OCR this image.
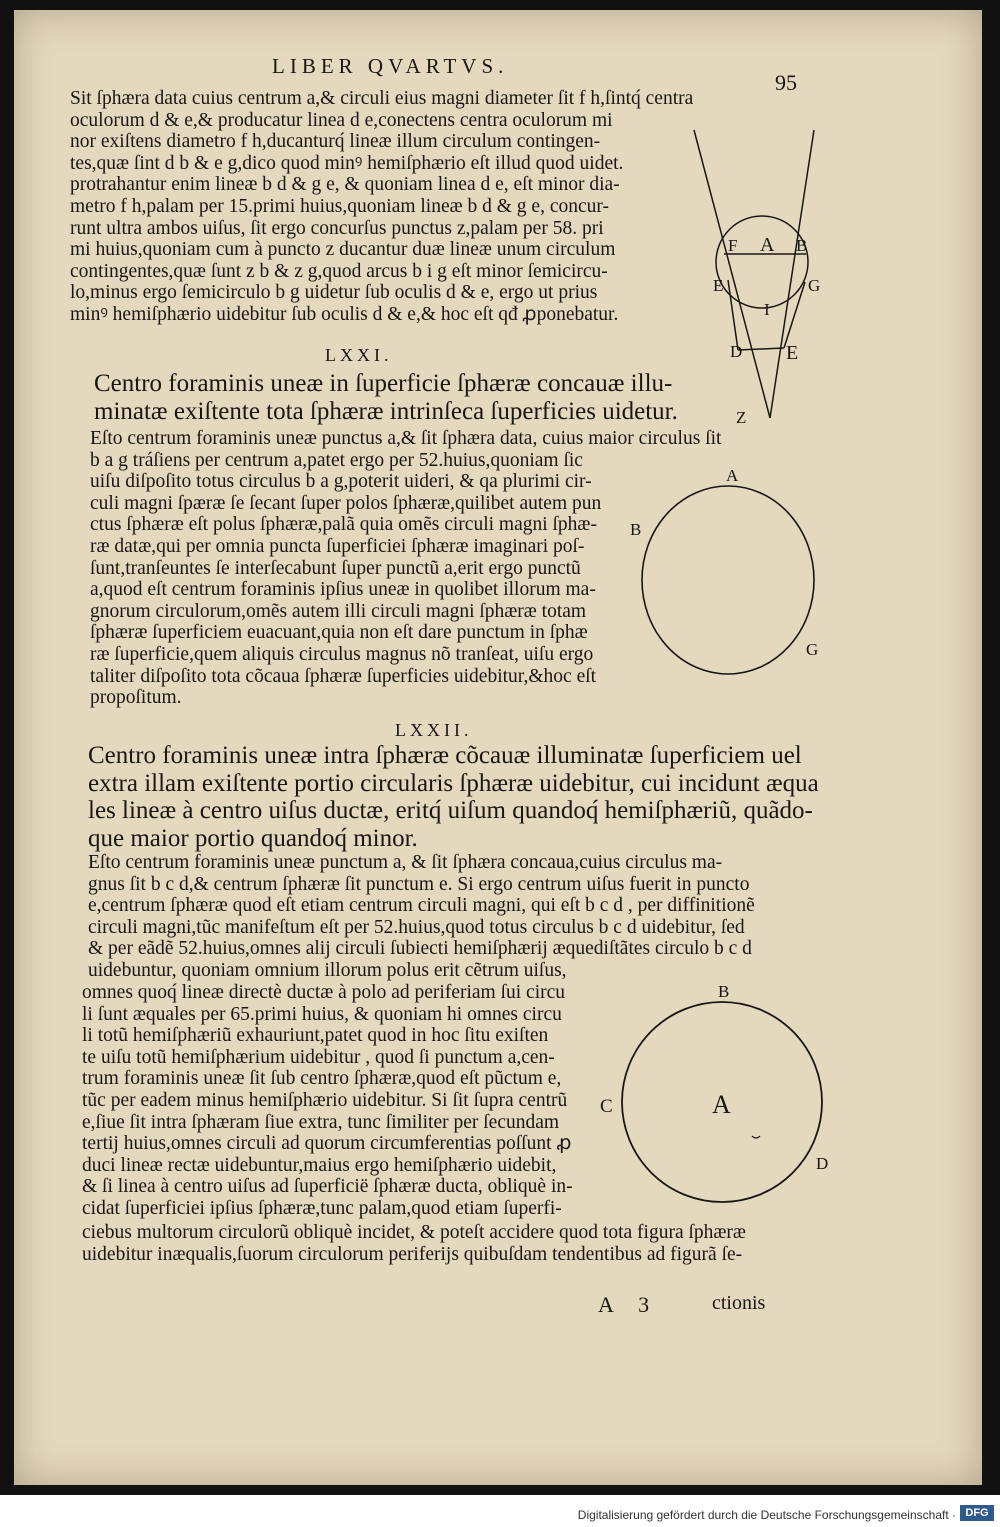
LIBER QVARTVS.
95
Sit ſphæra data cuius centrum a,& circuli eius magni diameter ſit f h,ſintq́ centra
oculorum d & e,& producatur linea d e,conectens centra oculorum mi
nor exiſtens diametro f h,ducanturq́ lineæ illum circulum contingen-
tes,quæ ſint d b & e g,dico quod minꝰ hemiſphærio eſt illud quod uidet.
protrahantur enim lineæ b d & g e, & quoniam linea d e, eſt minor dia-
metro f h,palam per 15.primi huius,quoniam lineæ b d & g e, concur-
runt ultra ambos uiſus, ſit ergo concurſus punctus z,palam per 58. pri
mi huius,quoniam cum à puncto z ducantur duæ lineæ unum circulum
contingentes,quæ ſunt z b & z g,quod arcus b i g eſt minor ſemicircu-
lo,minus ergo ſemicirculo b g uidetur ſub oculis d & e, ergo ut prius
minꝰ hemiſphærio uidebitur ſub oculis d & e,& hoc eſt qđ ꝓponebatur.
F A B
E	G
I
D E
Z
LXXI.
Centro foraminis uneæ in ſuperficie ſphæræ concauæ illu-
minatæ exiſtente tota ſphæræ intrinſeca ſuperficies uidetur.
Eſto centrum foraminis uneæ punctus a,& ſit ſphæra data, cuius maior circulus ſit
b a g tráſiens per centrum a,patet ergo per 52.huius,quoniam ſic
uiſu diſpoſito totus circulus b a g,poterit uideri, & qa plurimi cir-
culi magni ſpæræ ſe ſecant ſuper polos ſphæræ,quilibet autem pun
ctus ſphæræ eſt polus ſphæræ,palã quia omẽs circuli magni ſphæ-
ræ datæ,qui per omnia puncta ſuperficiei ſphæræ imaginari poſ-
ſunt,tranſeuntes ſe interſecabunt ſuper punctũ a,erit ergo punctũ
a,quod eſt centrum foraminis ipſius uneæ in quolibet illorum ma-
gnorum circulorum,omẽs autem illi circuli magni ſphæræ totam
ſphæræ ſuperficiem euacuant,quia non eſt dare punctum in ſphæ
ræ ſuperficie,quem aliquis circulus magnus nõ tranſeat, uiſu ergo
taliter diſpoſito tota cõcaua ſphæræ ſuperficies uidebitur,&hoc eſt
propoſitum.
A
B
G
LXXII.
Centro foraminis uneæ intra ſphæræ cõcauæ illuminatæ ſuperficiem uel
extra illam exiſtente portio circularis ſphæræ uidebitur, cui incidunt æqua
les lineæ à centro uiſus ductæ, eritq́ uiſum quandoq́ hemiſphæriũ, quãdo-
que maior portio quandoq́ minor.
Eſto centrum foraminis uneæ punctum a, & ſit ſphæra concaua,cuius circulus ma-
gnus ſit b c d,& centrum ſphæræ ſit punctum e. Si ergo centrum uiſus fuerit in puncto
e,centrum ſphæræ quod eſt etiam centrum circuli magni, qui eſt b c d , per diffinitionẽ
circuli magni,tũc manifeſtum eſt per 52.huius,quod totus circulus b c d uidebitur, ſed
& per eãdẽ 52.huius,omnes alij circuli ſubiecti hemiſphærij æquediſtãtes circulo b c d
uidebuntur, quoniam omnium illorum polus erit cẽtrum uiſus,
omnes quoq́ lineæ directè ductæ à polo ad periferiam ſui circu
li ſunt æquales per 65.primi huius, & quoniam hi omnes circu
li totũ hemiſphæriũ exhauriunt,patet quod in hoc ſitu exiſten
te uiſu totũ hemiſphærium uidebitur , quod ſi punctum a,cen-
trum foraminis uneæ ſit ſub centro ſphæræ,quod eſt pũctum e,
tũc per eadem minus hemiſphærio uidebitur. Si ſit ſupra centrũ
e,ſiue ſit intra ſphæram ſiue extra, tunc ſimiliter per ſecundam
tertij huius,omnes circuli ad quorum circumferentias poſſunt ꝓ
duci lineæ rectæ uidebuntur,maius ergo hemiſphærio uidebit,
& ſi linea à centro uiſus ad ſuperficië ſphæræ ducta, obliquè in-
cidat ſuperficiei ipſius ſphæræ,tunc palam,quod etiam ſuperfi-
ciebus multorum circulorũ obliquè incidet, & poteſt accidere quod tota figura ſphæræ
uidebitur inæqualis,ſuorum circulorum periferijs quibuſdam tendentibus ad figurã ſe-
B
C	A
D
A 3	ctionis
Digitalisierung gefördert durch die Deutsche Forschungsgemeinschaft · DFG
